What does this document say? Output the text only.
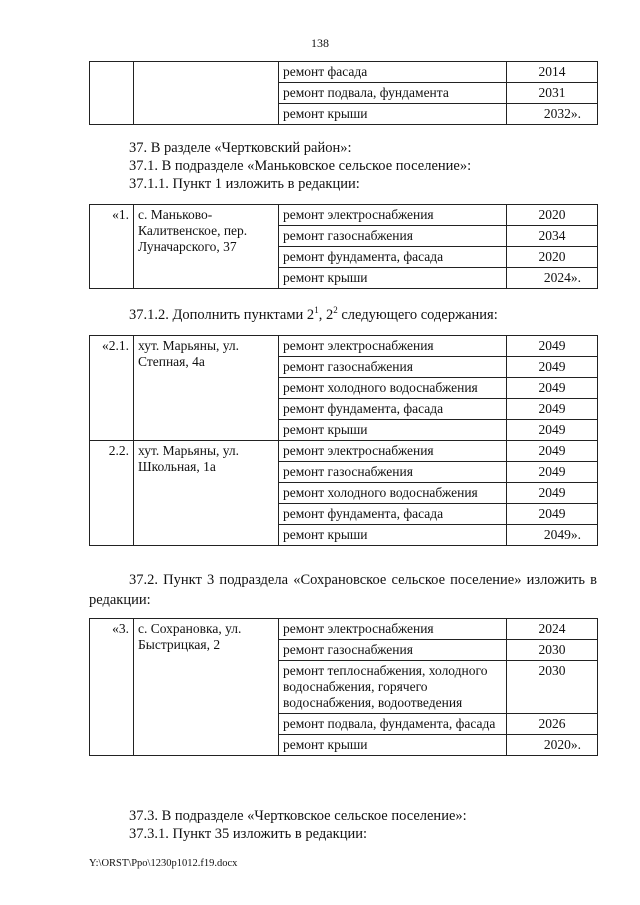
138
		ремонт фасада	2014
		ремонт подвала, фундамента	2031
		ремонт крыши	2032».
37. В разделе «Чертковский район»:
37.1. В подразделе «Маньковское сельское поселение»:
37.1.1. Пункт 1 изложить в редакции:
«1.	с. Маньково-Калитвенское, пер. Луначарского, 37	ремонт электроснабжения	2020
		ремонт газоснабжения	2034
		ремонт фундамента, фасада	2020
		ремонт крыши	2024».
37.1.2. Дополнить пунктами $2^1$, $2^2$ следующего содержания:
«2.1.	хут. Марьяны, ул. Степная, 4а	ремонт электроснабжения	2049
		ремонт газоснабжения	2049
		ремонт холодного водоснабжения	2049
		ремонт фундамента, фасада	2049
		ремонт крыши	2049
2.2.	хут. Марьяны, ул. Школьная, 1а	ремонт электроснабжения	2049
		ремонт газоснабжения	2049
		ремонт холодного водоснабжения	2049
		ремонт фундамента, фасада	2049
		ремонт крыши	2049».
37.2. Пункт 3 подраздела «Сохрановское сельское поселение» изложить в редакции:
«3.	с. Сохрановка, ул. Быстрицкая, 2	ремонт электроснабжения	2024
		ремонт газоснабжения	2030
		ремонт теплоснабжения, холодного водоснабжения, горячего водоснабжения, водоотведения	2030
		ремонт подвала, фундамента, фасада	2026
		ремонт крыши	2020».
37.3. В подразделе «Чертковское сельское поселение»:
37.3.1. Пункт 35 изложить в редакции:
Y:\ORST\Ppo\1230p1012.f19.docx
